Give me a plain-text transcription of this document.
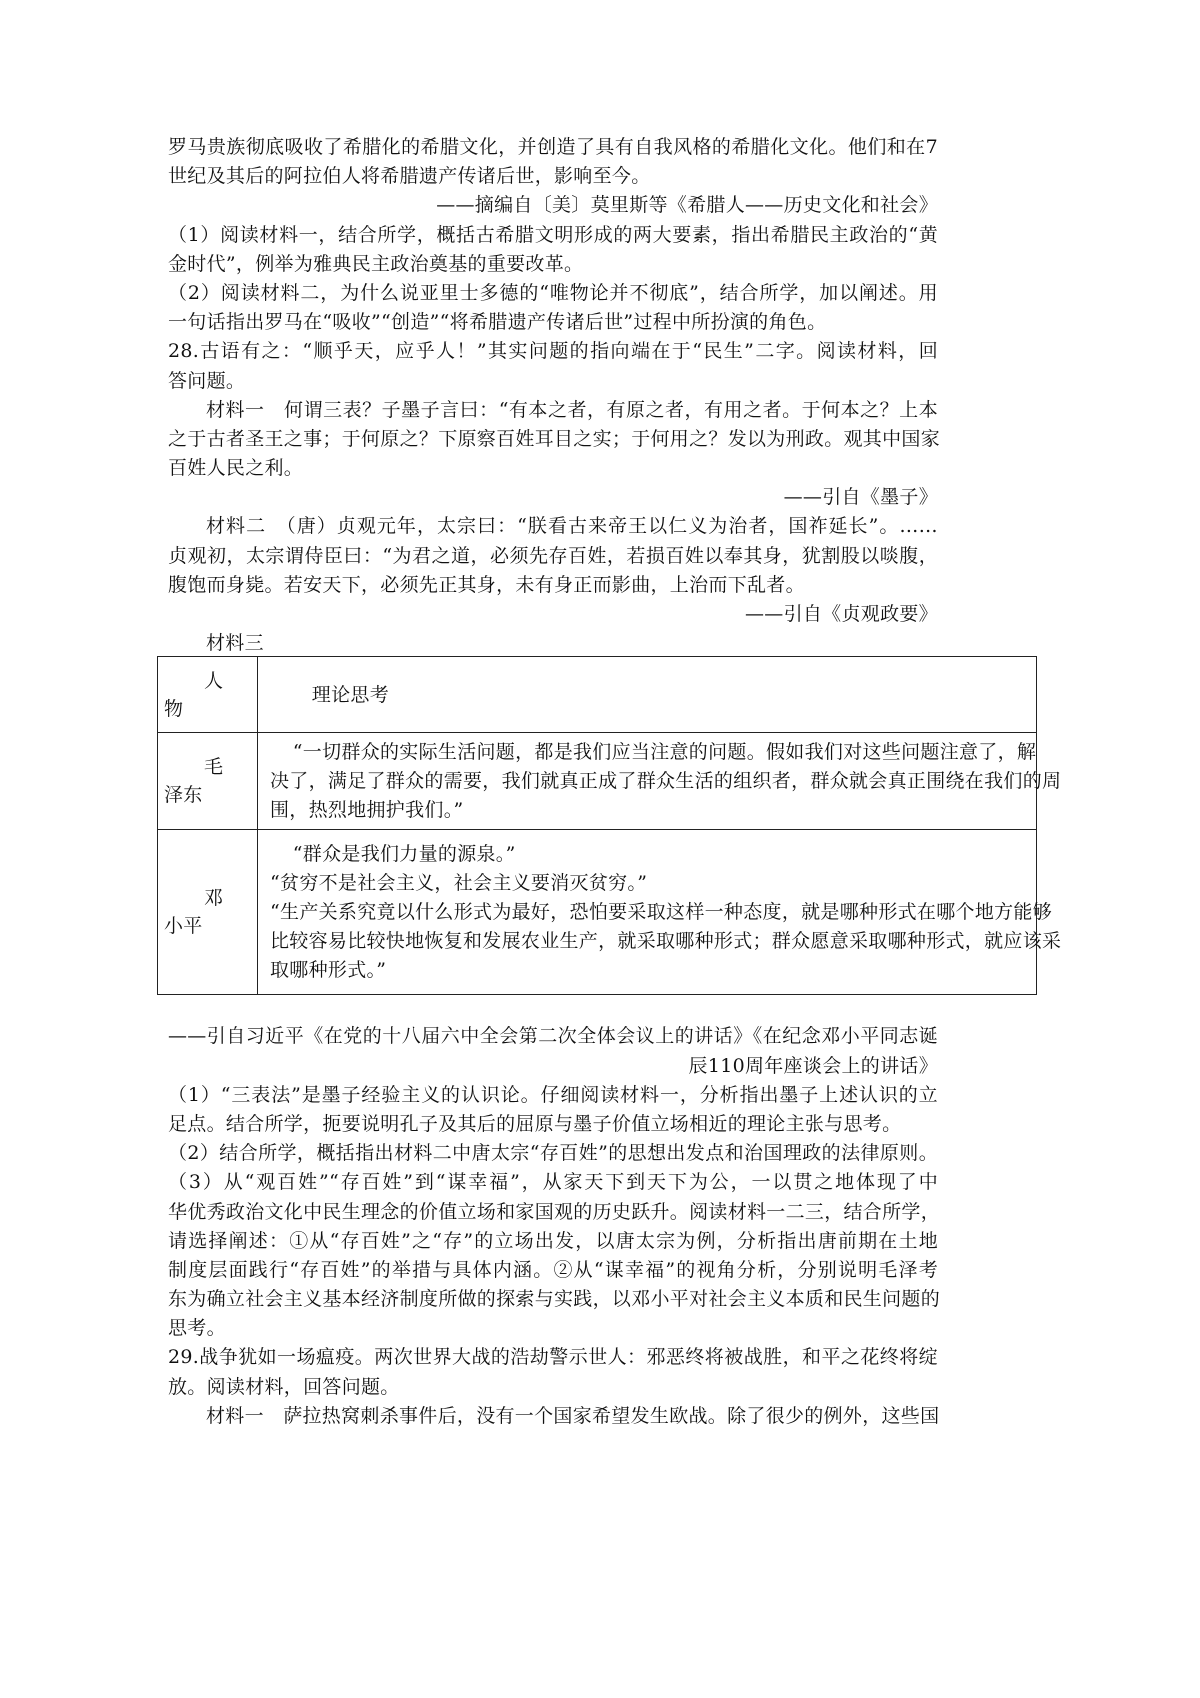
罗马贵族彻底吸收了希腊化的希腊文化，并创造了具有自我风格的希腊化文化。他们和在7
世纪及其后的阿拉伯人将希腊遗产传诸后世，影响至今。
——摘编自〔美〕莫里斯等《希腊人——历史文化和社会》
（1）阅读材料一，结合所学，概括古希腊文明形成的两大要素，指出希腊民主政治的“黄
金时代”，例举为雅典民主政治奠基的重要改革。
（2）阅读材料二，为什么说亚里士多德的“唯物论并不彻底”，结合所学，加以阐述。用
一句话指出罗马在“吸收”“创造”“将希腊遗产传诸后世”过程中所扮演的角色。
28.古语有之：“顺乎天，应乎人！”其实问题的指向端在于“民生”二字。阅读材料，回
答问题。
材料一　何谓三表？子墨子言曰：“有本之者，有原之者，有用之者。于何本之？上本
之于古者圣王之事；于何原之？下原察百姓耳目之实；于何用之？发以为刑政。观其中国家
百姓人民之利。
——引自《墨子》
材料二　（唐）贞观元年，太宗曰：“朕看古来帝王以仁义为治者，国祚延长”。……
贞观初，太宗谓侍臣曰：“为君之道，必须先存百姓，若损百姓以奉其身，犹割股以啖腹，
腹饱而身毙。若安天下，必须先正其身，未有身正而影曲，上治而下乱者。
——引自《贞观政要》
材料三
人物	理论思考

毛泽东	“一切群众的实际生活问题，都是我们应当注意的问题。假如我们对这些问题注意了，解
决了，满足了群众的需要，我们就真正成了群众生活的组织者，群众就会真正围绕在我们的周
围，热烈地拥护我们。”

邓小平	“群众是我们力量的源泉。”
“贫穷不是社会主义，社会主义要消灭贫穷。”
“生产关系究竟以什么形式为最好，恐怕要采取这样一种态度，就是哪种形式在哪个地方能够
比较容易比较快地恢复和发展农业生产，就采取哪种形式；群众愿意采取哪种形式，就应该采
取哪种形式。”
——引自习近平《在党的十八届六中全会第二次全体会议上的讲话》《在纪念邓小平同志诞
辰110周年座谈会上的讲话》
（1）“三表法”是墨子经验主义的认识论。仔细阅读材料一，分析指出墨子上述认识的立
足点。结合所学，扼要说明孔子及其后的屈原与墨子价值立场相近的理论主张与思考。
（2）结合所学，概括指出材料二中唐太宗“存百姓”的思想出发点和治国理政的法律原则。
（3）从“观百姓”“存百姓”到“谋幸福”，从家天下到天下为公，一以贯之地体现了中
华优秀政治文化中民生理念的价值立场和家国观的历史跃升。阅读材料一二三，结合所学，
请选择阐述：①从“存百姓”之“存”的立场出发，以唐太宗为例，分析指出唐前期在土地
制度层面践行“存百姓”的举措与具体内涵。②从“谋幸福”的视角分析，分别说明毛泽考
东为确立社会主义基本经济制度所做的探索与实践，以邓小平对社会主义本质和民生问题的
思考。
29.战争犹如一场瘟疫。两次世界大战的浩劫警示世人：邪恶终将被战胜，和平之花终将绽
放。阅读材料，回答问题。
材料一　萨拉热窝刺杀事件后，没有一个国家希望发生欧战。除了很少的例外，这些国
